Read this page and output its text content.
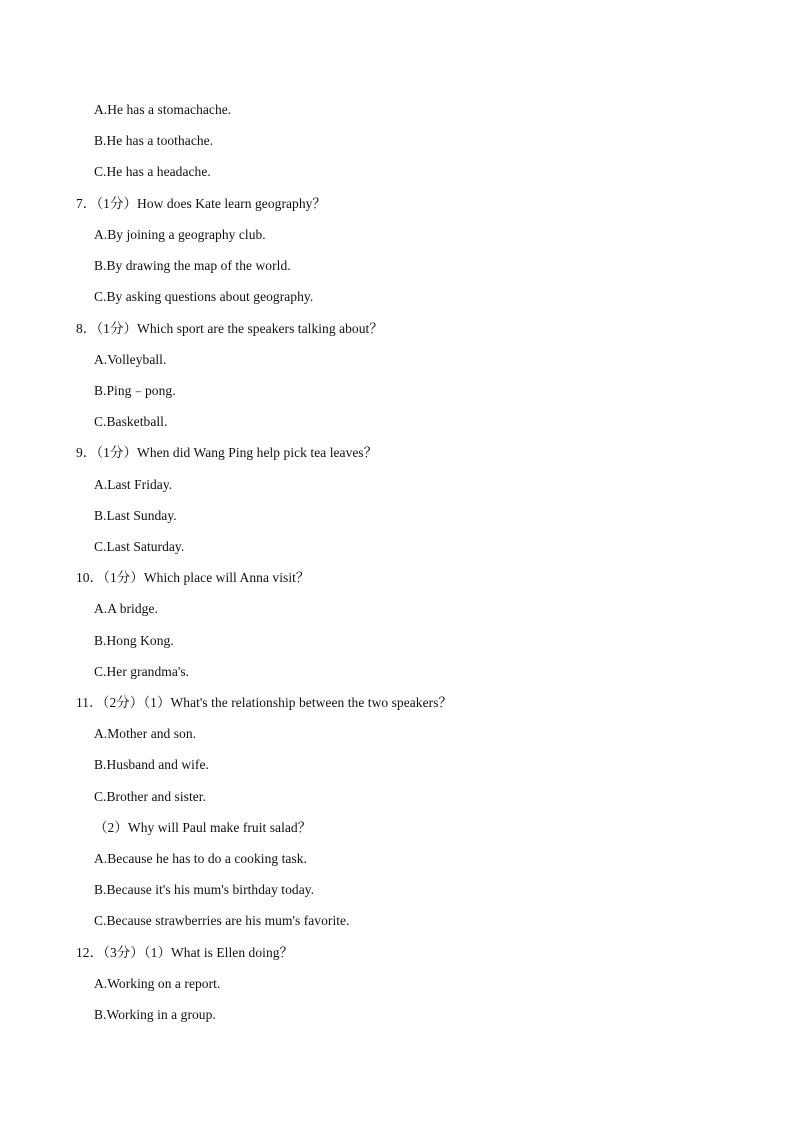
A.He has a stomachache.
B.He has a toothache.
C.He has a headache.
7．（1分）How does Kate learn geography？
A.By joining a geography club.
B.By drawing the map of the world.
C.By asking questions about geography.
8．（1分）Which sport are the speakers talking about？
A.Volleyball.
B.Ping﹣pong.
C.Basketball.
9．（1分）When did Wang Ping help pick tea leaves？
A.Last Friday.
B.Last Sunday.
C.Last Saturday.
10．（1分）Which place will Anna visit？
A.A bridge.
B.Hong Kong.
C.Her grandma's.
11．（2分）（1）What's the relationship between the two speakers？
A.Mother and son.
B.Husband and wife.
C.Brother and sister.
（2）Why will Paul make fruit salad？
A.Because he has to do a cooking task.
B.Because it's his mum's birthday today.
C.Because strawberries are his mum's favorite.
12．（3分）（1）What is Ellen doing？
A.Working on a report.
B.Working in a group.
